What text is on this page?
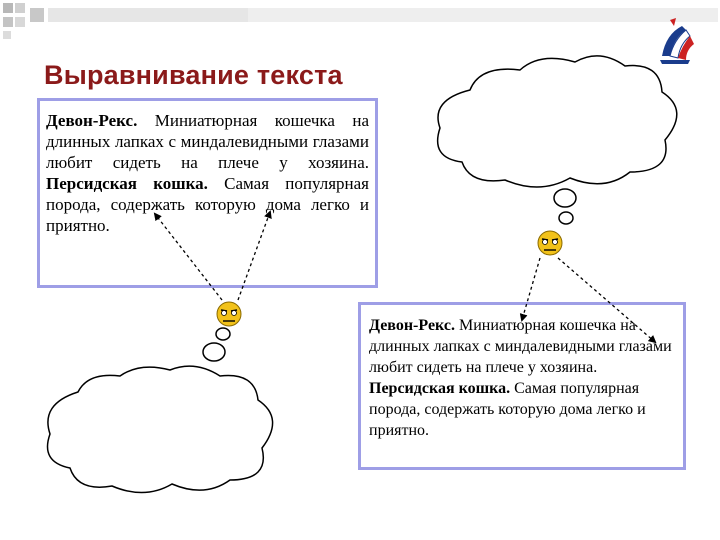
Выравнивание текста

Девон-Рекс. Миниатюрная кошечка на длинных лапках с миндалевидными глазами любит сидеть на плече у хозяина. Персидская кошка. Самая популярная порода, содержать которую дома легко и приятно.

Девон-Рекс. Миниатюрная кошечка на длинных лапках с миндалевидными глазами любит сидеть на плече у хозяина. Персидская кошка. Самая популярная порода, содержать которую дома легко и приятно.
